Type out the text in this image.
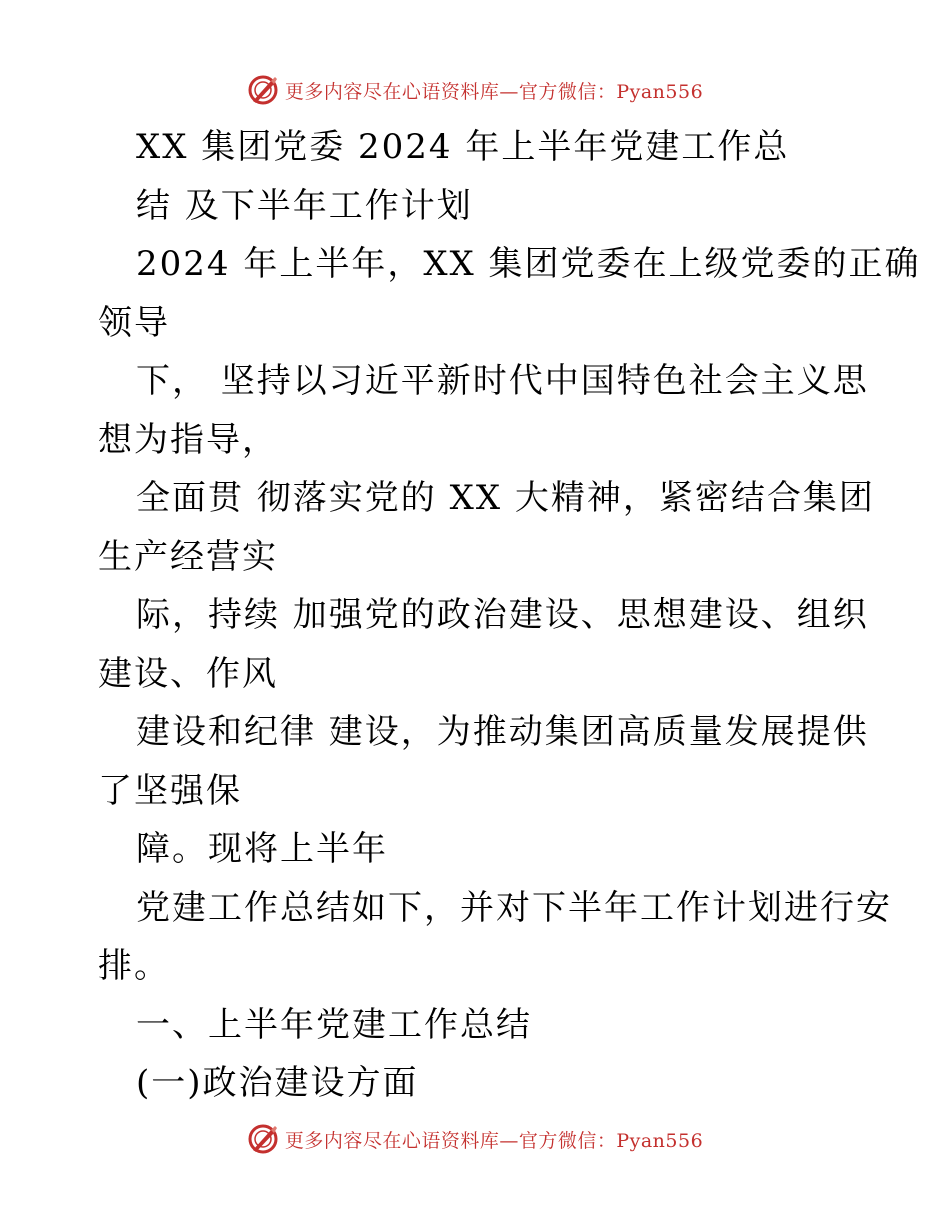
更多内容尽在心语资料库—官方微信：Pyan556
XX 集团党委 2024 年上半年党建工作总
结 及下半年工作计划
2024 年上半年，XX 集团党委在上级党委的正确
领导
下， 坚持以习近平新时代中国特色社会主义思
想为指导，
全面贯 彻落实党的 XX 大精神，紧密结合集团
生产经营实
际，持续 加强党的政治建设、思想建设、组织
建设、作风
建设和纪律 建设，为推动集团高质量发展提供
了坚强保
障。现将上半年
党建工作总结如下，并对下半年工作计划进行安
排。
一、上半年党建工作总结
(一)政治建设方面
更多内容尽在心语资料库—官方微信：Pyan556
